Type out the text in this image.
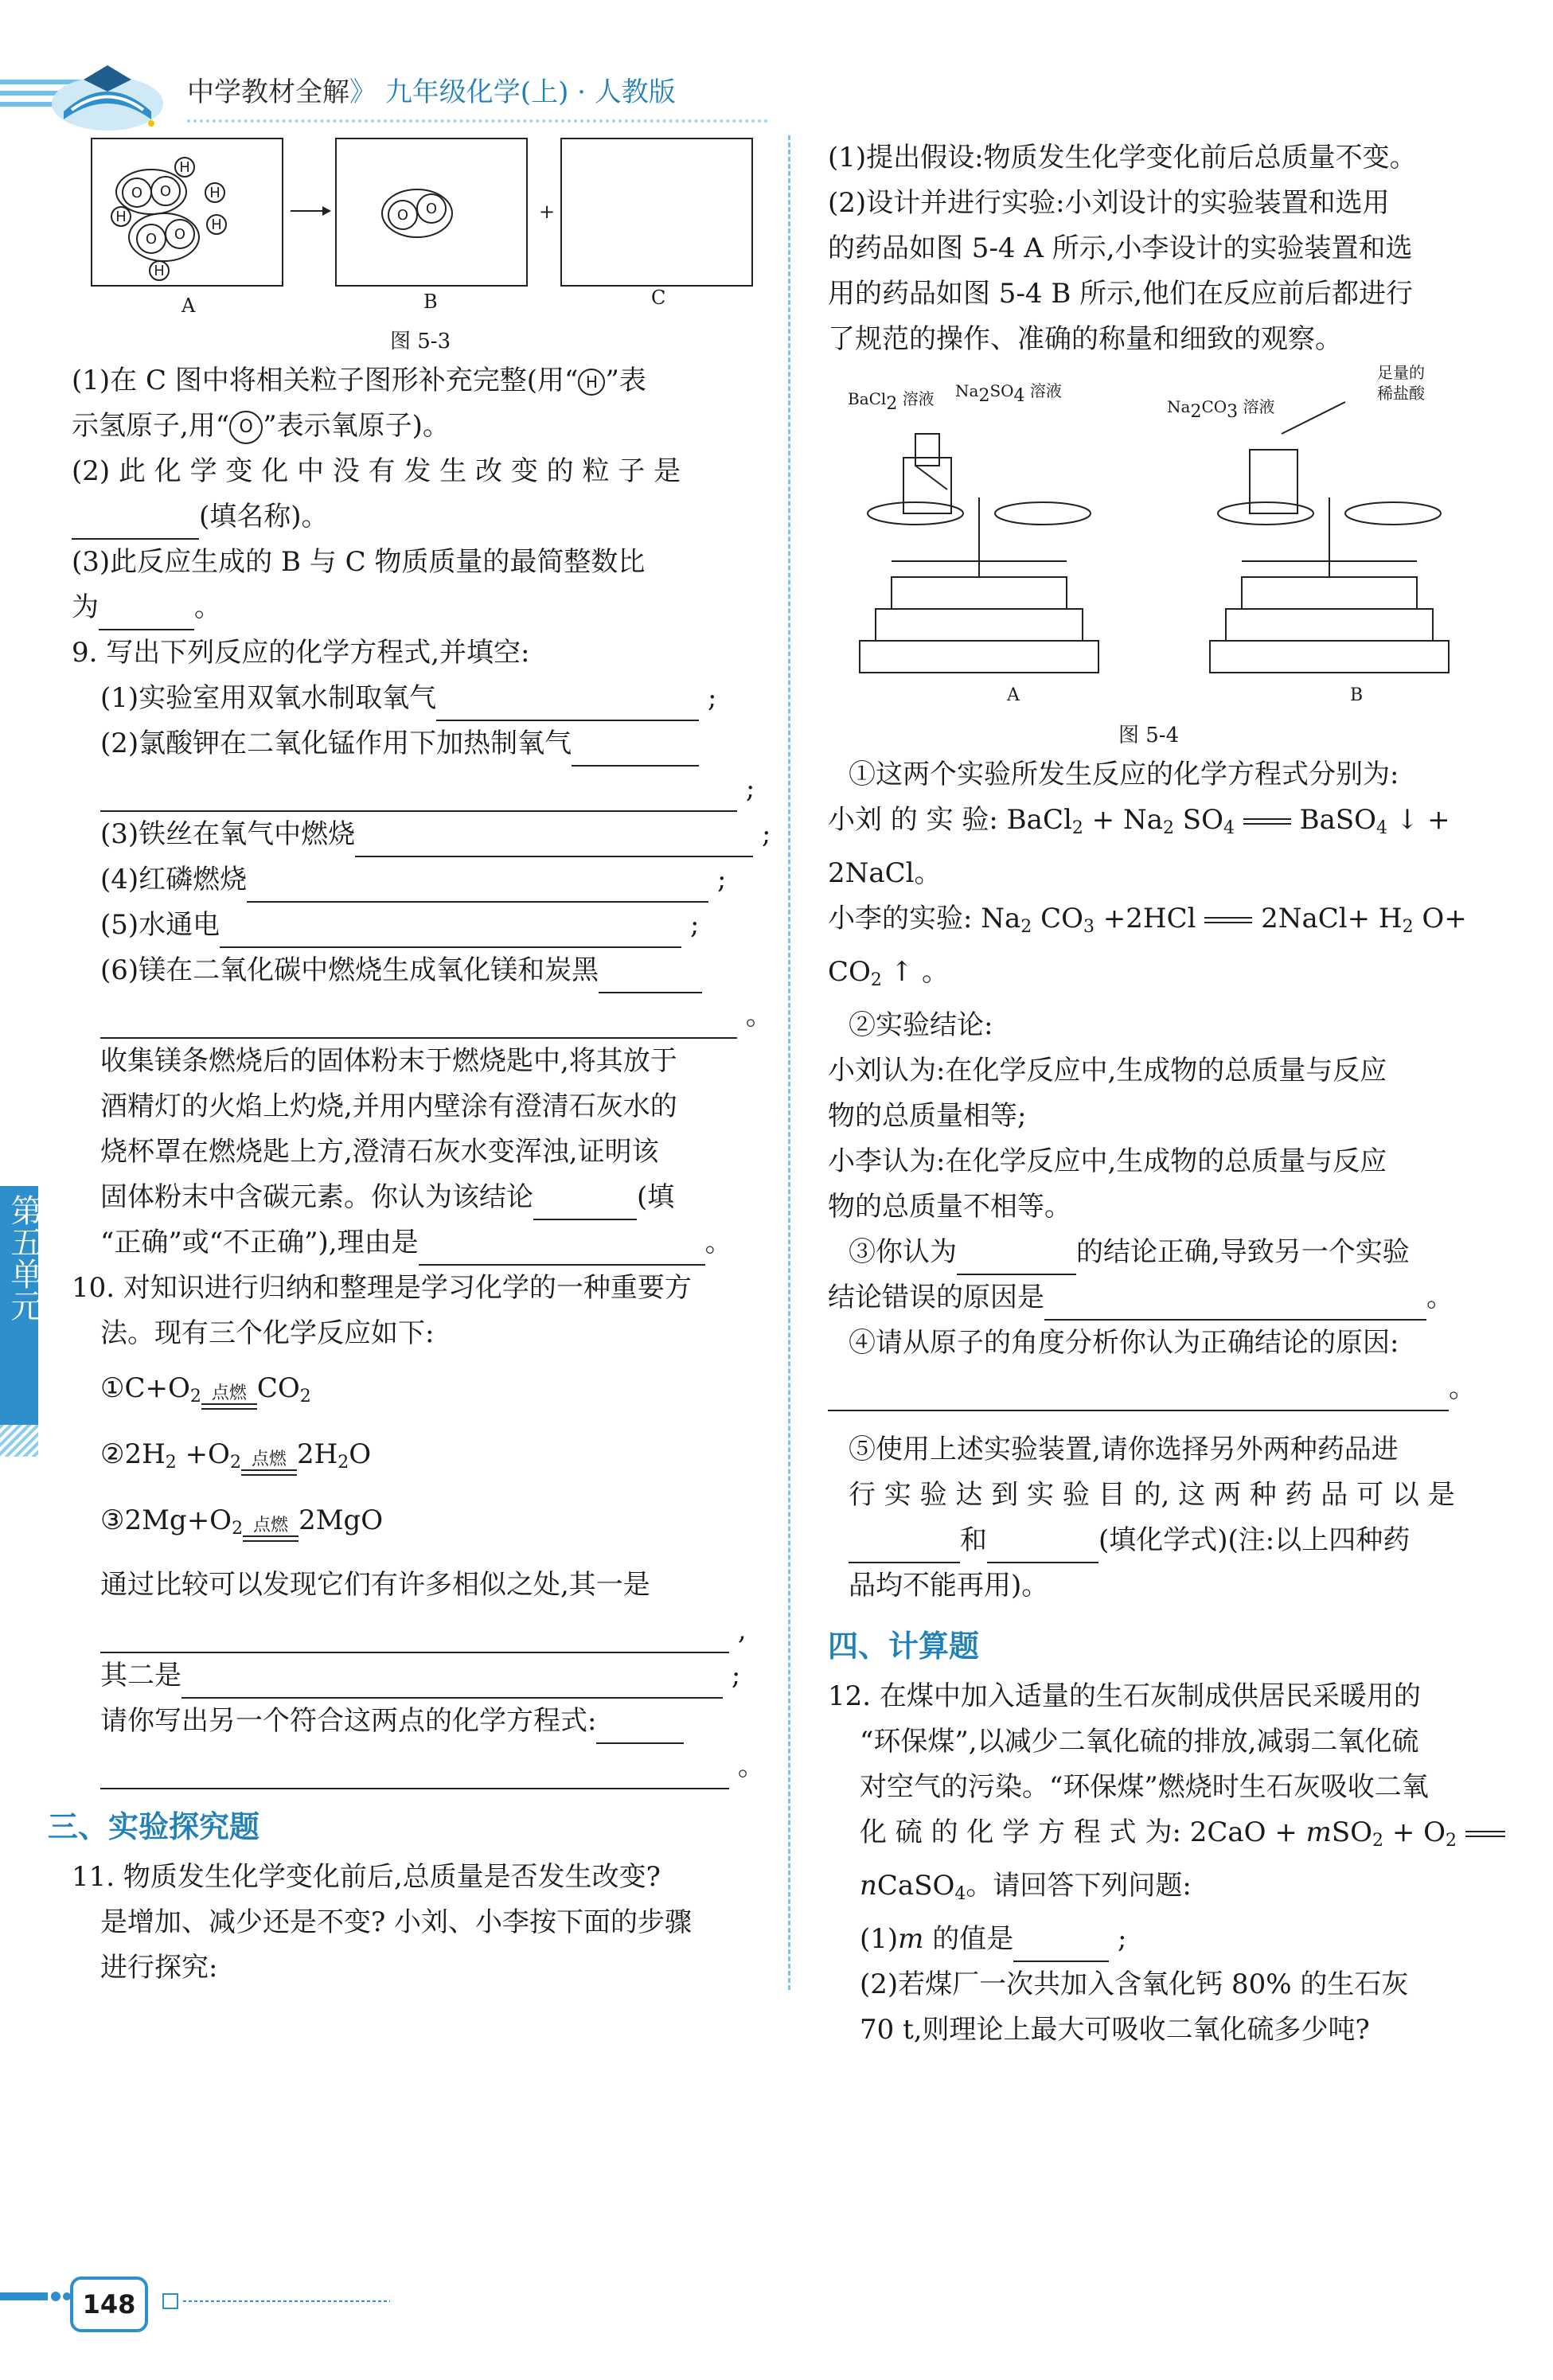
中学教材全解》 九年级化学(上) · 人教版
第五单元
O O
O O
H
H
H
H
H
O O	+
A	B	C
图 5-3

(1)在 C 图中将相关粒子图形补充完整(用“ H ”表

示氢原子,用“ O ”表示氧原子)。

(2) 此 化 学 变 化 中 没 有 发 生 改 变 的 粒 子 是

(填名称)。

(3)此反应生成的 B 与 C 物质质量的最简整数比

为	。

9. 写出下列反应的化学方程式,并填空:

(1)实验室用双氧水制取氧气	;

(2)氯酸钾在二氧化锰作用下加热制氧气

;

(3)铁丝在氧气中燃烧	;

(4)红磷燃烧	;

(5)水通电	;

(6)镁在二氧化碳中燃烧生成氧化镁和炭黑

。

收集镁条燃烧后的固体粉末于燃烧匙中,将其放于

酒精灯的火焰上灼烧,并用内壁涂有澄清石灰水的

烧杯罩在燃烧匙上方,澄清石灰水变浑浊,证明该

固体粉末中含碳元素。你认为该结论	(填

“正确”或“不正确”),理由是	。

10. 对知识进行归纳和整理是学习化学的一种重要方

法。现有三个化学反应如下:

$①C+O_2$ 点燃 $CO_2$

$②2H_2 +O_2$ 点燃 $2H_2O$

$③2Mg+O_2$ 点燃 2MgO

通过比较可以发现它们有许多相似之处,其一是

,

其二是	;

请你写出另一个符合这两点的化学方程式:

。

三、实验探究题

11. 物质发生化学变化前后,总质量是否发生改变?

是增加、减少还是不变? 小刘、小李按下面的步骤

进行探究:

(1)提出假设:物质发生化学变化前后总质量不变。

(2)设计并进行实验:小刘设计的实验装置和选用

的药品如图 5-4 A 所示,小李设计的实验装置和选

用的药品如图 5-4 B 所示,他们在反应前后都进行

了规范的操作、准确的称量和细致的观察。

BaCl2 溶液 Na2SO4 溶液
Na2CO3 溶液
足量的
稀盐酸
A	B
图 5-4

①这两个实验所发生反应的化学方程式分别为:

小刘 的 实 验: BaCl$_2$ + $Na_2$ $SO_4$ BaSO$_4$ ↓ +

2NaCl。

小李的实验: $Na_2$ $CO_3 +2HCl$ 2NaCl+ $H_2$ O+

$CO_2$ ↑ 。

②实验结论:

小刘认为:在化学反应中,生成物的总质量与反应

物的总质量相等;

小李认为:在化学反应中,生成物的总质量与反应

物的总质量不相等。

③你认为	的结论正确,导致另一个实验

结论错误的原因是	。

④请从原子的角度分析你认为正确结论的原因:

。

⑤使用上述实验装置,请你选择另外两种药品进

行 实 验 达 到 实 验 目 的, 这 两 种 药 品 可 以 是

和	(填化学式)(注:以上四种药

品均不能再用)。

四、计算题

12. 在煤中加入适量的生石灰制成供居民采暖用的

“环保煤”,以减少二氧化硫的排放,减弱二氧化硫

对空气的污染。“环保煤”燃烧时生石灰吸收二氧

化 硫 的 化 学 方 程 式 为: $2CaO + mSO_2 + O_2$

nCaSO$_4$。请回答下列问题:

(1)m 的值是	;

(2)若煤厂一次共加入含氧化钙 80% 的生石灰

70 t,则理论上最大可吸收二氧化硫多少吨?

148
